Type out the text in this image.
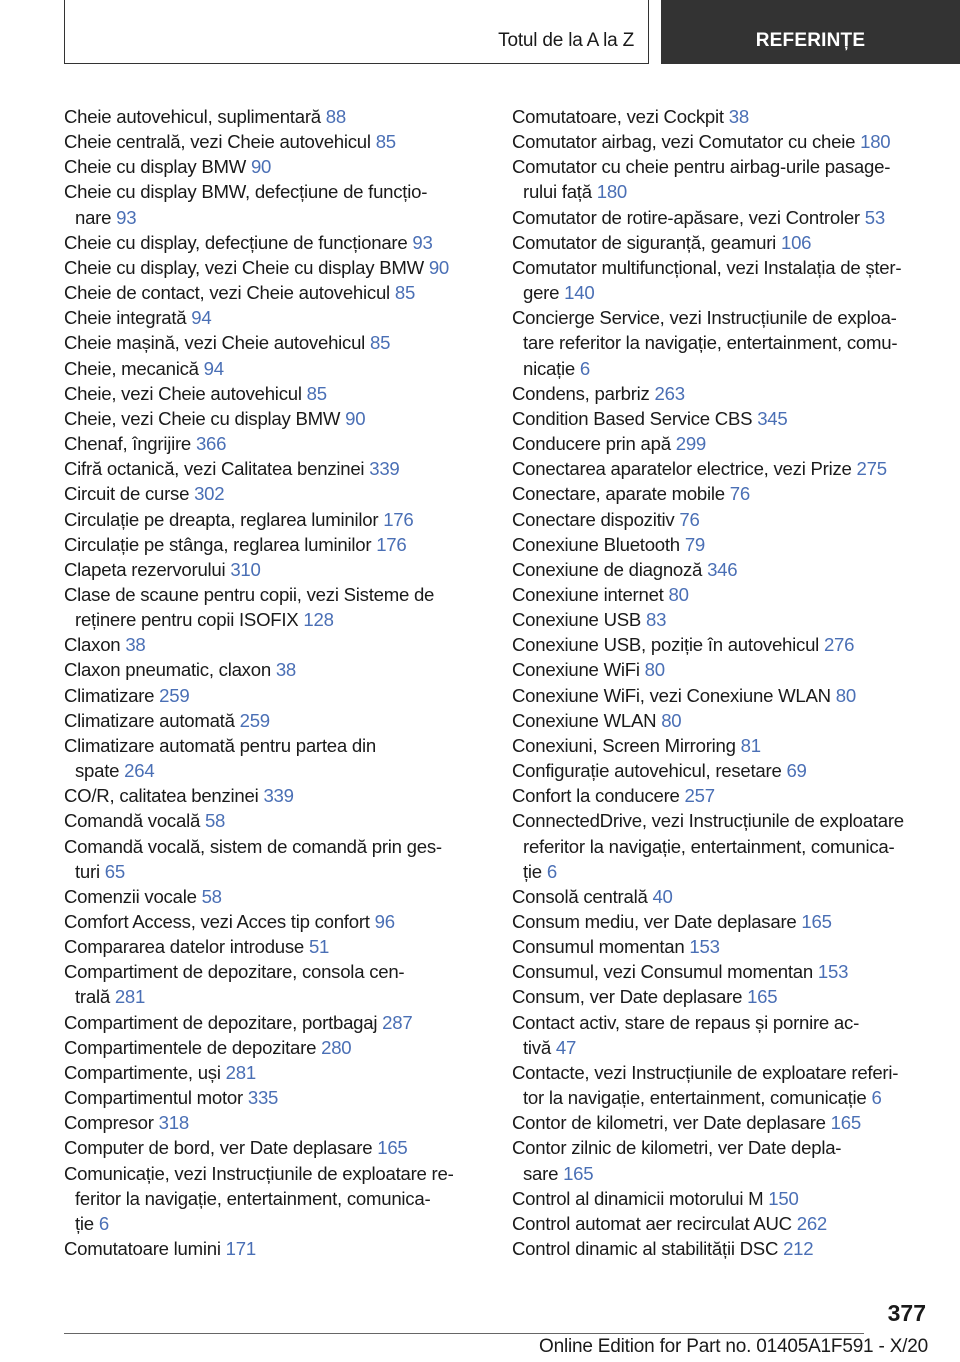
Totul de la A la Z	REFERINȚE
Cheie autovehicul, suplimentară 88
Cheie centrală, vezi Cheie autovehicul 85
Cheie cu display BMW 90
Cheie cu display BMW, defecțiune de funcțio-
nare 93
Cheie cu display, defecțiune de funcționare 93
Cheie cu display, vezi Cheie cu display BMW 90
Cheie de contact, vezi Cheie autovehicul 85
Cheie integrată 94
Cheie mașină, vezi Cheie autovehicul 85
Cheie, mecanică 94
Cheie, vezi Cheie autovehicul 85
Cheie, vezi Cheie cu display BMW 90
Chenaf, îngrijire 366
Cifră octanică, vezi Calitatea benzinei 339
Circuit de curse 302
Circulație pe dreapta, reglarea luminilor 176
Circulație pe stânga, reglarea luminilor 176
Clapeta rezervorului 310
Clase de scaune pentru copii, vezi Sisteme de
reținere pentru copii ISOFIX 128
Claxon 38
Claxon pneumatic, claxon 38
Climatizare 259
Climatizare automată 259
Climatizare automată pentru partea din
spate 264
CO/R, calitatea benzinei 339
Comandă vocală 58
Comandă vocală, sistem de comandă prin ges-
turi 65
Comenzii vocale 58
Comfort Access, vezi Acces tip confort 96
Compararea datelor introduse 51
Compartiment de depozitare, consola cen-
trală 281
Compartiment de depozitare, portbagaj 287
Compartimentele de depozitare 280
Compartimente, uși 281
Compartimentul motor 335
Compresor 318
Computer de bord, ver Date deplasare 165
Comunicație, vezi Instrucțiunile de exploatare re-
feritor la navigație, entertainment, comunica-
ție 6
Comutatoare lumini 171
Comutatoare, vezi Cockpit 38
Comutator airbag, vezi Comutator cu cheie 180
Comutator cu cheie pentru airbag-urile pasage-
rului față 180
Comutator de rotire-apăsare, vezi Controler 53
Comutator de siguranță, geamuri 106
Comutator multifuncțional, vezi Instalația de șter-
gere 140
Concierge Service, vezi Instrucțiunile de exploa-
tare referitor la navigație, entertainment, comu-
nicație 6
Condens, parbriz 263
Condition Based Service CBS 345
Conducere prin apă 299
Conectarea aparatelor electrice, vezi Prize 275
Conectare, aparate mobile 76
Conectare dispozitiv 76
Conexiune Bluetooth 79
Conexiune de diagnoză 346
Conexiune internet 80
Conexiune USB 83
Conexiune USB, poziție în autovehicul 276
Conexiune WiFi 80
Conexiune WiFi, vezi Conexiune WLAN 80
Conexiune WLAN 80
Conexiuni, Screen Mirroring 81
Configurație autovehicul, resetare 69
Confort la conducere 257
ConnectedDrive, vezi Instrucțiunile de exploatare
referitor la navigație, entertainment, comunica-
ție 6
Consolă centrală 40
Consum mediu, ver Date deplasare 165
Consumul momentan 153
Consumul, vezi Consumul momentan 153
Consum, ver Date deplasare 165
Contact activ, stare de repaus și pornire ac-
tivă 47
Contacte, vezi Instrucțiunile de exploatare referi-
tor la navigație, entertainment, comunicație 6
Contor de kilometri, ver Date deplasare 165
Contor zilnic de kilometri, ver Date depla-
sare 165
Control al dinamicii motorului M 150
Control automat aer recirculat AUC 262
Control dinamic al stabilității DSC 212
377
Online Edition for Part no. 01405A1F591 - X/20
